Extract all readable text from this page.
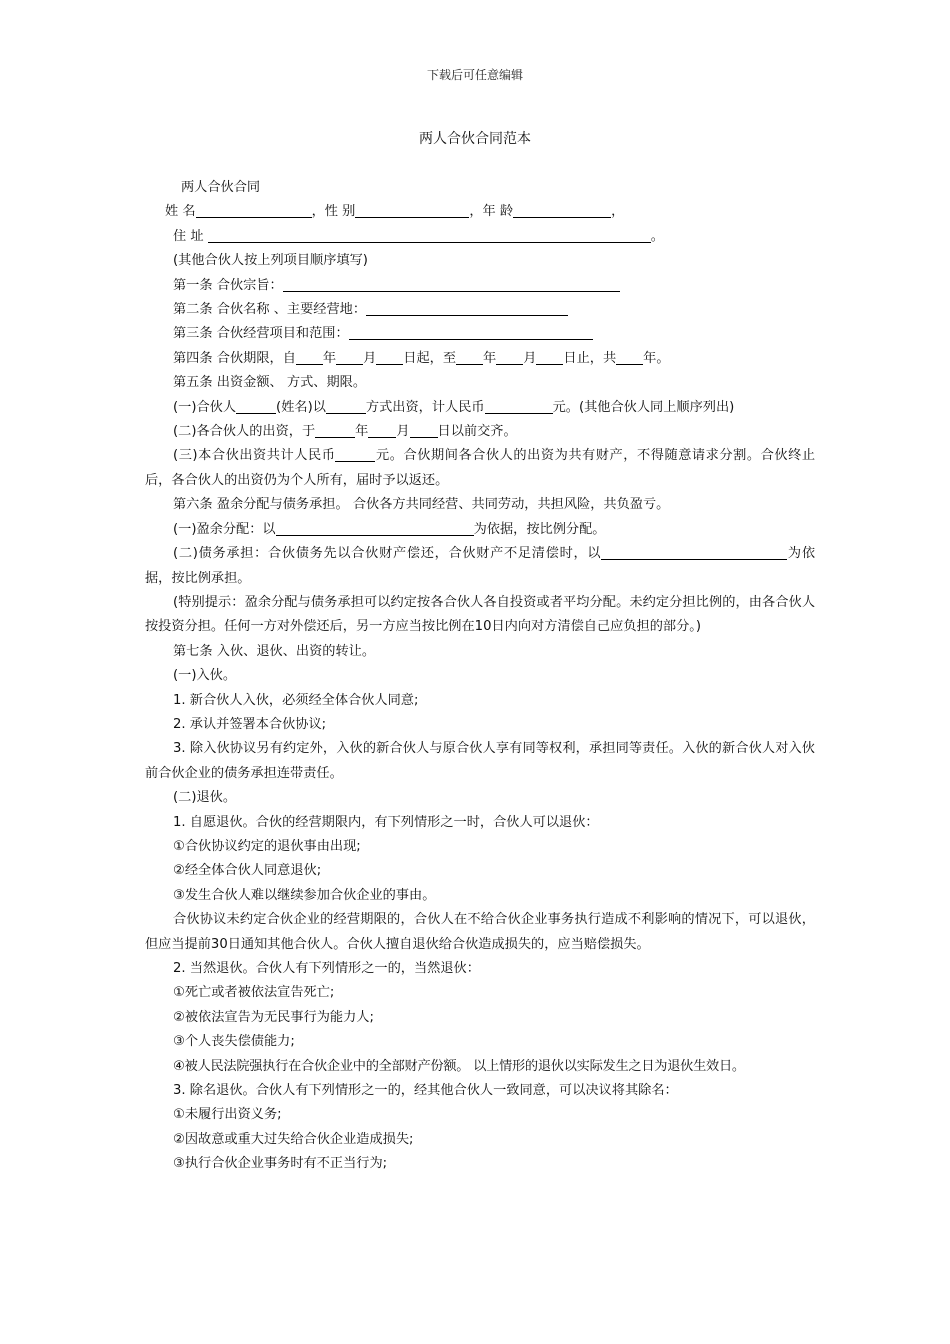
下载后可任意编辑
两人合伙合同范本

两人合伙合同

姓 名	，性 别	，年 龄	，

住 址	。

(其他合伙人按上列项目顺序填写)

第一条 合伙宗旨：

第二条 合伙名称 、主要经营地：

第三条 合伙经营项目和范围：

第四条 合伙期限，自 年 月 日起，至 年 月 日止，共 年。

第五条 出资金额、 方式、期限。

(一)合伙人	(姓名)以	方式出资，计人民币	元。(其他合伙人同上顺序列出)

(二)各合伙人的出资，于	年 月 日以前交齐。

(三)本合伙出资共计人民币	元。合伙期间各合伙人的出资为共有财产，不得随意请求分割。合伙终止后，各合伙人的出资仍为个人所有，届时予以返还。

第六条 盈余分配与债务承担。 合伙各方共同经营、共同劳动，共担风险，共负盈亏。

(一)盈余分配：以	为依据，按比例分配。

(二)债务承担：合伙债务先以合伙财产偿还，合伙财产不足清偿时，以	为依据，按比例承担。

(特别提示：盈余分配与债务承担可以约定按各合伙人各自投资或者平均分配。未约定分担比例的，由各合伙人按投资分担。任何一方对外偿还后，另一方应当按比例在10日内向对方清偿自己应负担的部分。)

第七条 入伙、退伙、出资的转让。

(一)入伙。

1. 新合伙人入伙，必须经全体合伙人同意;

2. 承认并签署本合伙协议;

3. 除入伙协议另有约定外，入伙的新合伙人与原合伙人享有同等权利，承担同等责任。入伙的新合伙人对入伙前合伙企业的债务承担连带责任。

(二)退伙。

1. 自愿退伙。合伙的经营期限内，有下列情形之一时，合伙人可以退伙：

①合伙协议约定的退伙事由出现;

②经全体合伙人同意退伙;

③发生合伙人难以继续参加合伙企业的事由。

合伙协议未约定合伙企业的经营期限的，合伙人在不给合伙企业事务执行造成不利影响的情况下，可以退伙，但应当提前30日通知其他合伙人。合伙人擅自退伙给合伙造成损失的，应当赔偿损失。

2. 当然退伙。合伙人有下列情形之一的，当然退伙：

①死亡或者被依法宣告死亡;

②被依法宣告为无民事行为能力人;

③个人丧失偿债能力;

④被人民法院强执行在合伙企业中的全部财产份额。 以上情形的退伙以实际发生之日为退伙生效日。

3. 除名退伙。合伙人有下列情形之一的，经其他合伙人一致同意，可以决议将其除名：

①未履行出资义务;

②因故意或重大过失给合伙企业造成损失;

③执行合伙企业事务时有不正当行为;
